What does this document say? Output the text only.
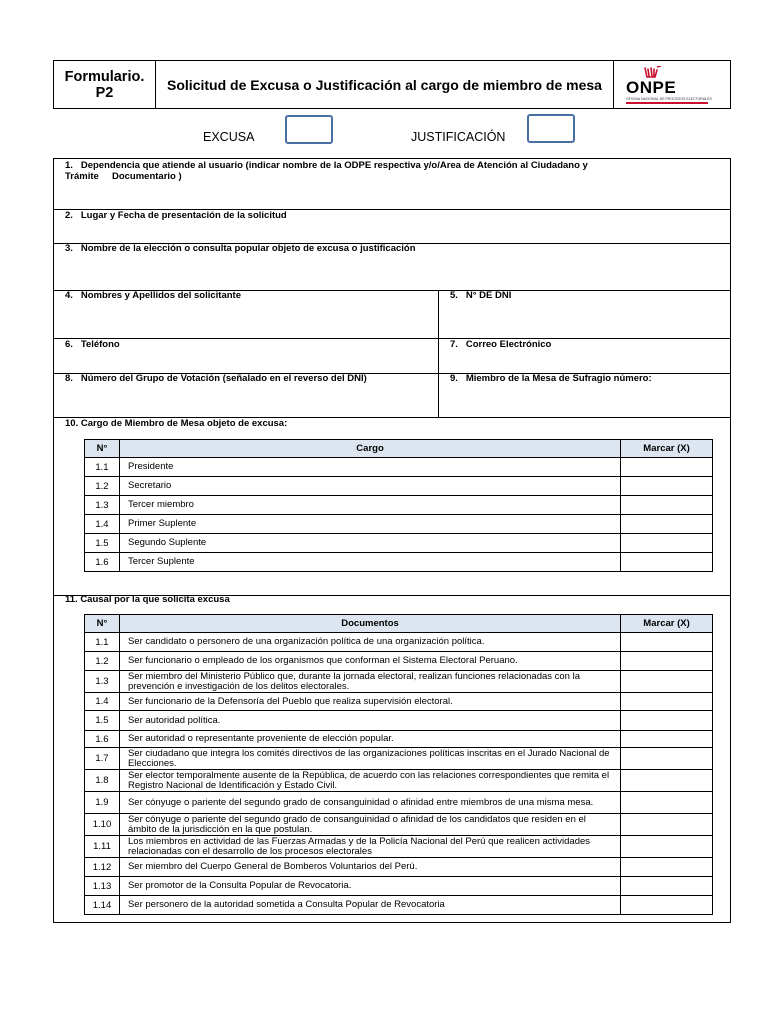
Formulario.
P2	Solicitud de Excusa o Justificación al cargo de miembro de mesa	ONPE
OFICINA NACIONAL DE PROCESOS ELECTORALES
EXCUSA	JUSTIFICACIÓN
1.   Dependencia que atiende al usuario (indicar nombre de la ODPE respectiva y/o/Area de Atención al Ciudadano y Trámite     Documentario )
2.   Lugar y Fecha de presentación de la solicitud
3.   Nombre de la elección o consulta popular objeto de excusa o justificación
4.   Nombres y Apellidos del solicitante	5.   N° DE DNI
6.   Teléfono	7.   Correo Electrónico
8.   Número del Grupo de Votación (señalado en el reverso del DNI)	9.   Miembro de la Mesa de Sufragio número:
10. Cargo de Miembro de Mesa objeto de excusa:
N°	Cargo	Marcar (X)
1.1	Presidente	
1.2	Secretario	
1.3	Tercer miembro	
1.4	Primer Suplente	
1.5	Segundo Suplente	
1.6	Tercer Suplente	
11. Causal por la que solicita excusa
N°	Documentos	Marcar (X)
1.1	Ser candidato o personero de una organización política de una organización política.	
1.2	Ser funcionario o empleado de los organismos que conforman el Sistema Electoral Peruano.	
1.3	Ser miembro del Ministerio Público que, durante la jornada electoral, realizan funciones relacionadas con la prevención e investigación de los delitos electorales.	
1.4	Ser funcionario de la Defensoría del Pueblo que realiza supervisión electoral.	
1.5	Ser autoridad política.	
1.6	Ser autoridad o representante proveniente de elección popular.	
1.7	Ser ciudadano que integra los comités directivos de las organizaciones políticas inscritas en el Jurado Nacional de Elecciones.	
1.8	Ser elector temporalmente ausente de la República, de acuerdo con las relaciones correspondientes que remita el Registro Nacional de Identificación y Estado Civil.	
1.9	Ser cónyuge o pariente del segundo grado de consanguinidad o afinidad entre miembros de una misma mesa.	
1.10	Ser cónyuge o pariente del segundo grado de consanguinidad o afinidad de los candidatos que residen en el ámbito de la jurisdicción en la que postulan.	
1.11	Los miembros en actividad de las Fuerzas Armadas y de la Policía Nacional del Perú que realicen actividades relacionadas con el desarrollo de los procesos electorales	
1.12	Ser miembro del Cuerpo General de Bomberos Voluntarios del Perú.	
1.13	Ser promotor de la Consulta Popular de Revocatoria.	
1.14	Ser personero de la autoridad sometida a Consulta Popular de Revocatoria	
